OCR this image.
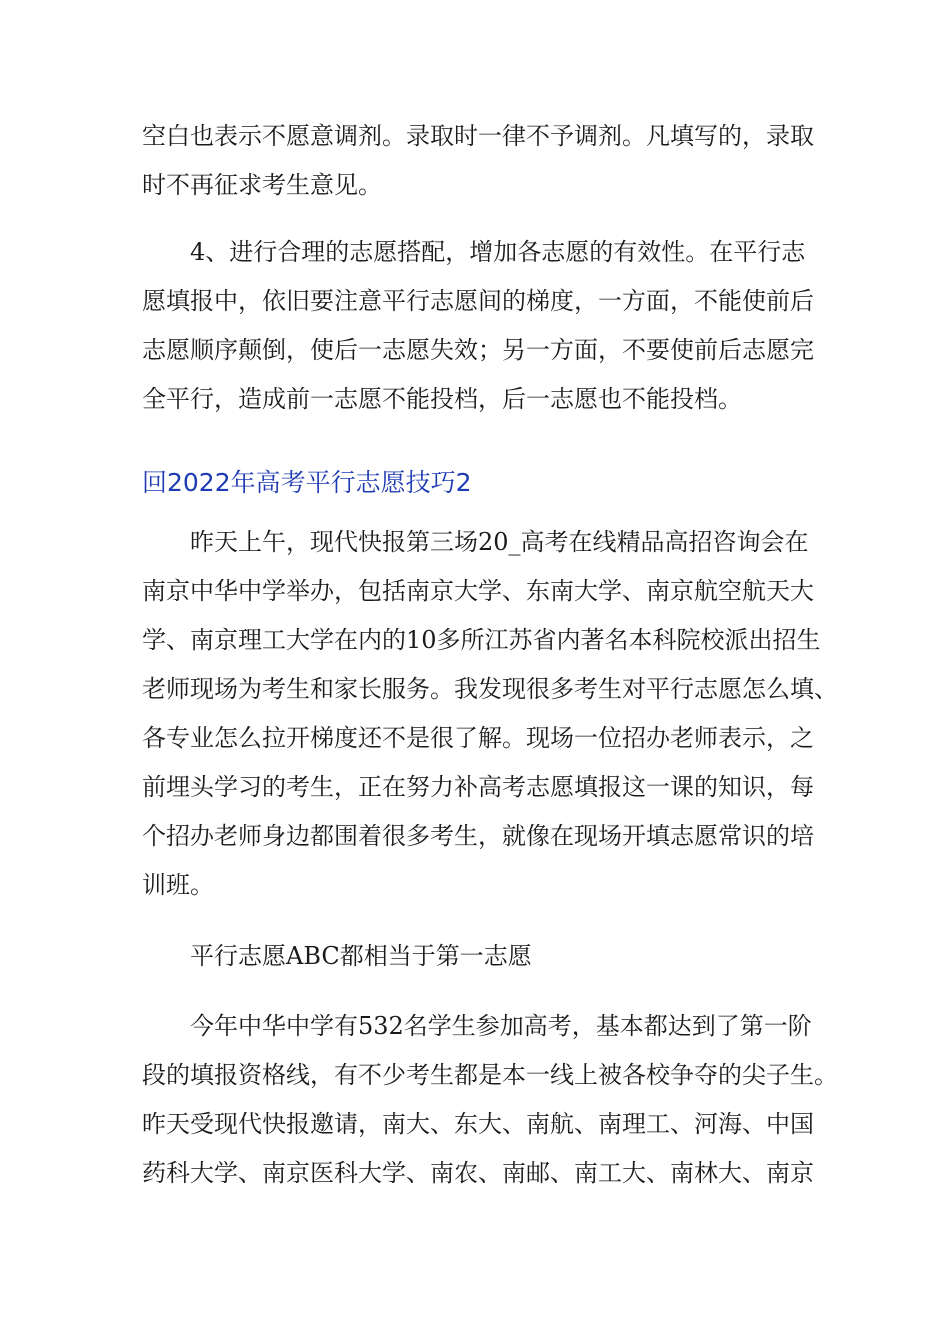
空白也表示不愿意调剂。录取时一律不予调剂。凡填写的，录取
时不再征求考生意见。
4、进行合理的志愿搭配，增加各志愿的有效性。在平行志
愿填报中，依旧要注意平行志愿间的梯度，一方面，不能使前后
志愿顺序颠倒，使后一志愿失效；另一方面，不要使前后志愿完
全平行，造成前一志愿不能投档，后一志愿也不能投档。
回2022年高考平行志愿技巧2
昨天上午，现代快报第三场20_高考在线精品高招咨询会在
南京中华中学举办，包括南京大学、东南大学、南京航空航天大
学、南京理工大学在内的10多所江苏省内著名本科院校派出招生
老师现场为考生和家长服务。我发现很多考生对平行志愿怎么填、
各专业怎么拉开梯度还不是很了解。现场一位招办老师表示，之
前埋头学习的考生，正在努力补高考志愿填报这一课的知识，每
个招办老师身边都围着很多考生，就像在现场开填志愿常识的培
训班。
平行志愿ABC都相当于第一志愿
今年中华中学有532名学生参加高考，基本都达到了第一阶
段的填报资格线，有不少考生都是本一线上被各校争夺的尖子生。
昨天受现代快报邀请，南大、东大、南航、南理工、河海、中国
药科大学、南京医科大学、南农、南邮、南工大、南林大、南京
